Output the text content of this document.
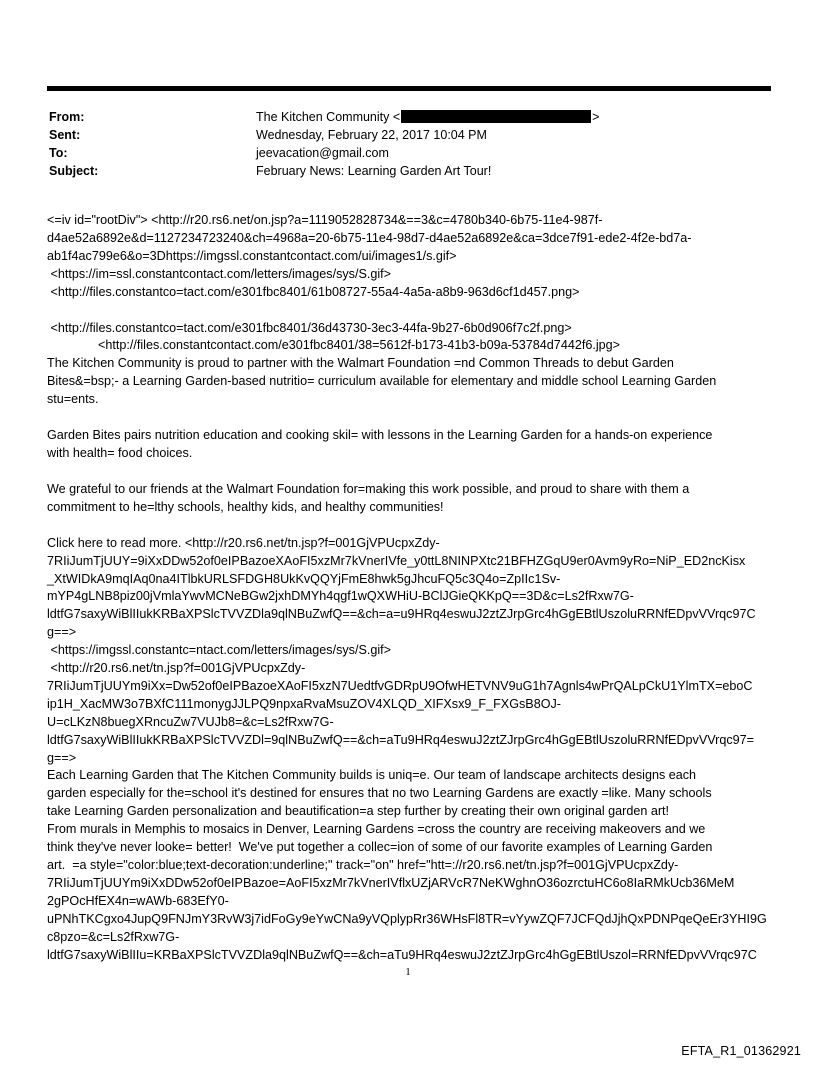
From:	The Kitchen Community <	>
Sent:	Wednesday, February 22, 2017 10:04 PM
To:	jeevacation@gmail.com
Subject:	February News: Learning Garden Art Tour!

<=iv id="rootDiv"> <http://r20.rs6.net/on.jsp?a=1119052828734&==3&c=4780b340-6b75-11e4-987f-

d4ae52a6892e&d=1127234723240&ch=4968a=20-6b75-11e4-98d7-d4ae52a6892e&ca=3dce7f91-ede2-4f2e-bd7a-

ab1f4ac799e6&o=3Dhttps://imgssl.constantcontact.com/ui/images1/s.gif>

<https://im=ssl.constantcontact.com/letters/images/sys/S.gif>

<http://files.constantco=tact.com/e301fbc8401/61b08727-55a4-4a5a-a8b9-963d6cf1d457.png>

<http://files.constantco=tact.com/e301fbc8401/36d43730-3ec3-44fa-9b27-6b0d906f7c2f.png>

<http://files.constantcontact.com/e301fbc8401/38=5612f-b173-41b3-b09a-53784d7442f6.jpg>

The Kitchen Community is proud to partner with the Walmart Foundation =nd Common Threads to debut Garden

Bites&=bsp;- a Learning Garden-based nutritio= curriculum available for elementary and middle school Learning Garden

stu=ents.

Garden Bites pairs nutrition education and cooking skil= with lessons in the Learning Garden for a hands-on experience

with health= food choices.

We grateful to our friends at the Walmart Foundation for=making this work possible, and proud to share with them a

commitment to he=lthy schools, healthy kids, and healthy communities!

Click here to read more. <http://r20.rs6.net/tn.jsp?f=001GjVPUcpxZdy-

7RIiJumTjUUY=9iXxDDw52of0eIPBazoeXAoFI5xzMr7kVnerIVfe_y0ttL8NINPXtc21BFHZGqU9er0Avm9yRo=NiP_ED2ncKisx

_XtWIDkA9mqIAq0na4ITlbkURLSFDGH8UkKvQQYjFmE8hwk5gJhcuFQ5c3Q4o=ZpIIc1Sv-

mYP4gLNB8piz00jVmlaYwvMCNeBGw2jxhDMYh4qgf1wQXWHiU-BClJGieQKKpQ==3D&c=Ls2fRxw7G-

ldtfG7saxyWiBlIIukKRBaXPSlcTVVZDla9qlNBuZwfQ==&ch=a=u9HRq4eswuJ2ztZJrpGrc4hGgEBtlUszoluRRNfEDpvVVrqc97C

g==>

<https://imgssl.constantc=ntact.com/letters/images/sys/S.gif>

<http://r20.rs6.net/tn.jsp?f=001GjVPUcpxZdy-

7RIiJumTjUUYm9iXx=Dw52of0eIPBazoeXAoFI5xzN7UedtfvGDRpU9OfwHETVNV9uG1h7Agnls4wPrQALpCkU1YlmTX=eboC

ip1H_XacMW3o7BXfC111monygJJLPQ9npxaRvaMsuZOV4XLQD_XIFXsx9_F_FXGsB8OJ-

U=cLKzN8buegXRncuZw7VUJb8=&c=Ls2fRxw7G-

ldtfG7saxyWiBlIIukKRBaXPSlcTVVZDl=9qlNBuZwfQ==&ch=aTu9HRq4eswuJ2ztZJrpGrc4hGgEBtlUszoluRRNfEDpvVVrqc97=

g==>

Each Learning Garden that The Kitchen Community builds is uniq=e. Our team of landscape architects designs each

garden especially for the=school it's destined for ensures that no two Learning Gardens are exactly =like. Many schools

take Learning Garden personalization and beautification=a step further by creating their own original garden art!

From murals in Memphis to mosaics in Denver, Learning Gardens =cross the country are receiving makeovers and we

think they've never looke= better!  We've put together a collec=ion of some of our favorite examples of Learning Garden

art.  =a style="color:blue;text-decoration:underline;" track="on" href="htt=://r20.rs6.net/tn.jsp?f=001GjVPUcpxZdy-

7RIiJumTjUUYm9iXxDDw52of0eIPBazoe=AoFI5xzMr7kVnerIVflxUZjARVcR7NeKWghnO36ozrctuHC6o8IaRMkUcb36MeM

2gPOcHfEX4n=wAWb-683EfY0-

uPNhTKCgxo4JupQ9FNJmY3RvW3j7idFoGy9eYwCNa9yVQplypRr36WHsFl8TR=vYywZQF7JCFQdJjhQxPDNPqeQeEr3YHI9G

c8pzo=&c=Ls2fRxw7G-

ldtfG7saxyWiBlIIu=KRBaXPSlcTVVZDla9qlNBuZwfQ==&ch=aTu9HRq4eswuJ2ztZJrpGrc4hGgEBtlUszol=RRNfEDpvVVrqc97C

1
EFTA_R1_01362921
